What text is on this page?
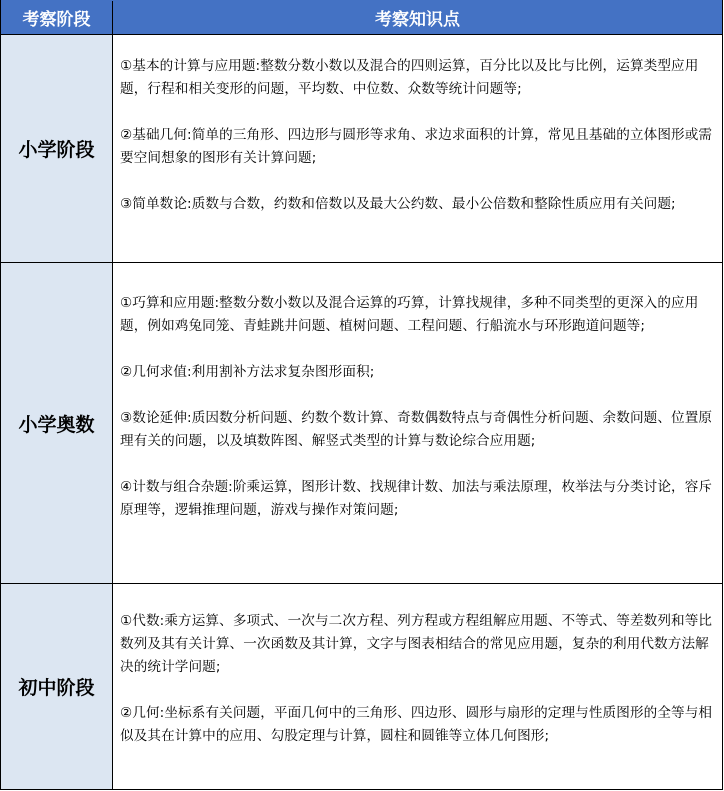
考察阶段	考察知识点
小学阶段

①基本的计算与应用题:整数分数小数以及混合的四则运算，百分比以及比与比例，运算类型应用题，行程和相关变形的问题，平均数、中位数、众数等统计问题等;

②基础几何:简单的三角形、四边形与圆形等求角、求边求面积的计算，常见且基础的立体图形或需要空间想象的图形有关计算问题;

③简单数论:质数与合数，约数和倍数以及最大公约数、最小公倍数和整除性质应用有关问题;

小学奥数

①巧算和应用题:整数分数小数以及混合运算的巧算，计算找规律，多种不同类型的更深入的应用题，例如鸡兔同笼、青蛙跳井问题、植树问题、工程问题、行船流水与环形跑道问题等;

②几何求值:利用割补方法求复杂图形面积;

③数论延伸:质因数分析问题、约数个数计算、奇数偶数特点与奇偶性分析问题、余数问题、位置原理有关的问题，以及填数阵图、解竖式类型的计算与数论综合应用题;

④计数与组合杂题:阶乘运算，图形计数、找规律计数、加法与乘法原理，枚举法与分类讨论，容斥原理等，逻辑推理问题，游戏与操作对策问题;

初中阶段

①代数:乘方运算、多项式、一次与二次方程、列方程或方程组解应用题、不等式、等差数列和等比数列及其有关计算、一次函数及其计算，文字与图表相结合的常见应用题，复杂的利用代数方法解决的统计学问题;

②几何:坐标系有关问题，平面几何中的三角形、四边形、圆形与扇形的定理与性质图形的全等与相似及其在计算中的应用、勾股定理与计算，圆柱和圆锥等立体几何图形;
